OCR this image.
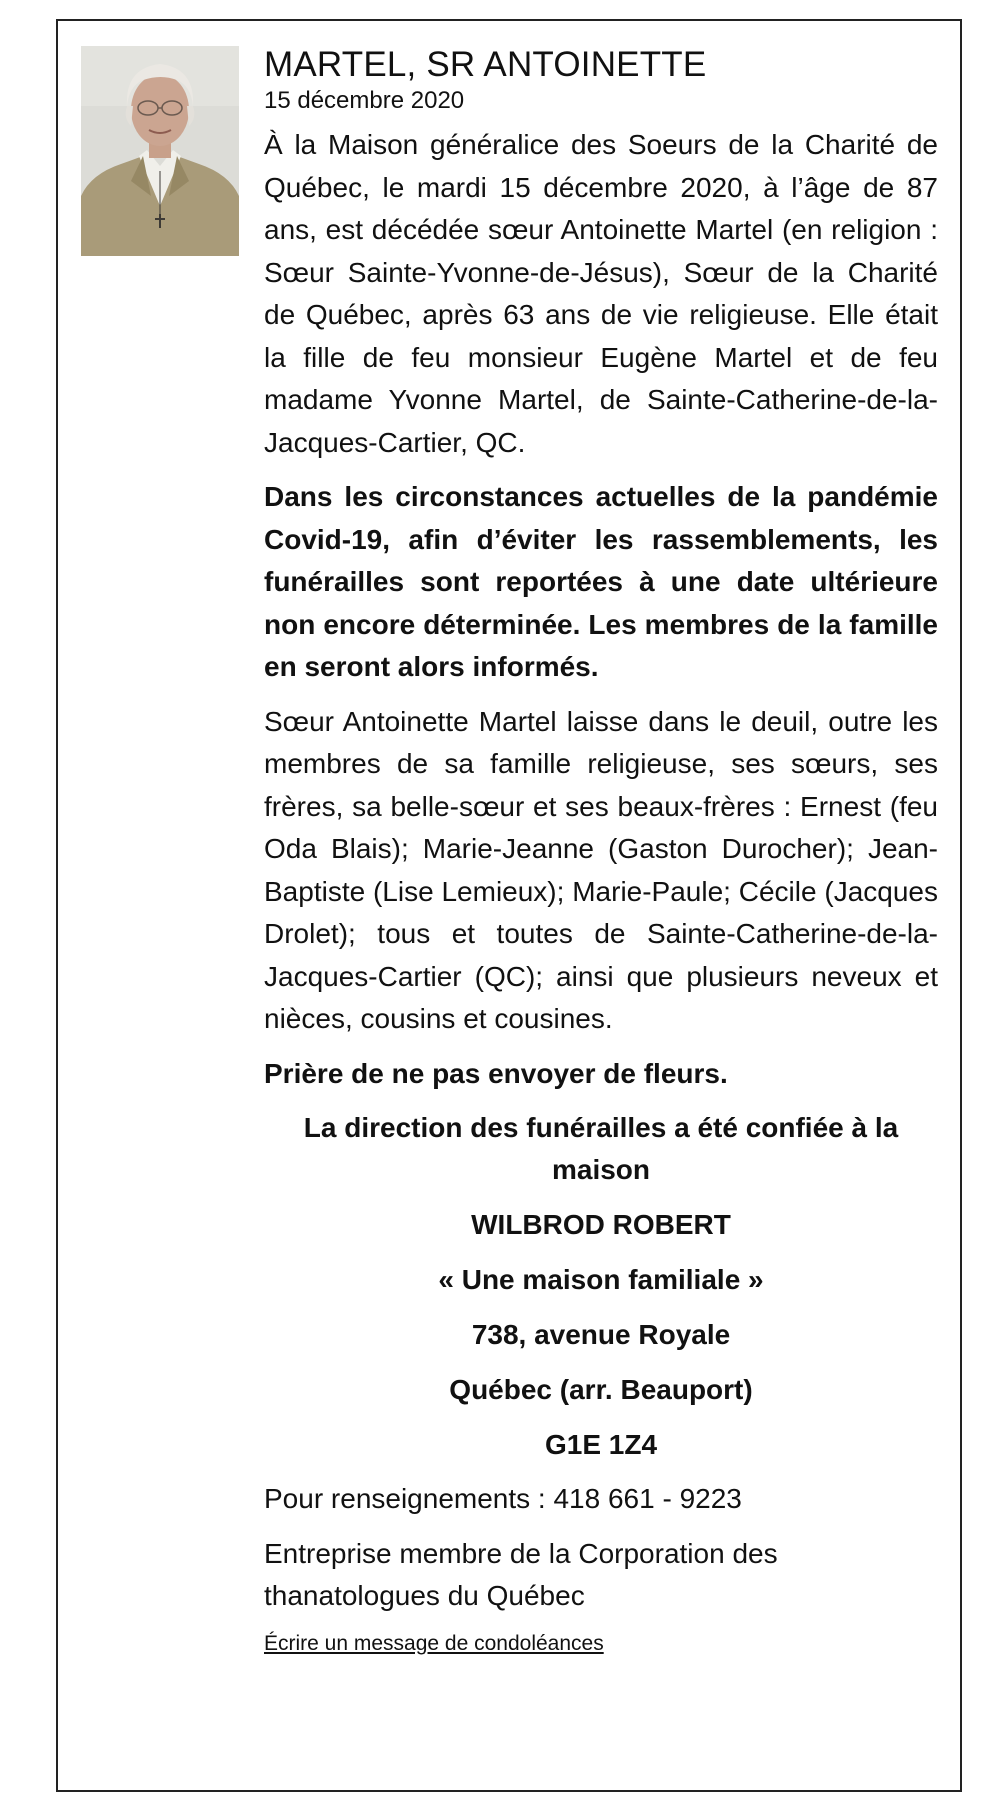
MARTEL, SR ANTOINETTE
15 décembre 2020

À la Maison généralice des Soeurs de la Charité de Québec, le mardi 15 décembre 2020, à l’âge de 87 ans, est décédée sœur Antoinette Martel (en religion : Sœur Sainte-Yvonne-de-Jésus), Sœur de la Charité de Québec, après 63 ans de vie religieuse. Elle était la fille de feu monsieur Eugène Martel et de feu madame Yvonne Martel, de Sainte-Catherine-de-la-Jacques-Cartier, QC.

Dans les circonstances actuelles de la pandémie Covid-19, afin d’éviter les rassemblements, les funérailles sont reportées à une date ultérieure non encore déterminée. Les membres de la famille en seront alors informés.

Sœur Antoinette Martel laisse dans le deuil, outre les membres de sa famille religieuse, ses sœurs, ses frères, sa belle-sœur et ses beaux-frères : Ernest (feu Oda Blais); Marie-Jeanne (Gaston Durocher); Jean-Baptiste (Lise Lemieux); Marie-Paule; Cécile (Jacques Drolet); tous et toutes de Sainte-Catherine-de-la-Jacques-Cartier (QC); ainsi que plusieurs neveux et nièces, cousins et cousines.

Prière de ne pas envoyer de fleurs.

La direction des funérailles a été confiée à la maison
WILBROD ROBERT
« Une maison familiale »
738, avenue Royale
Québec (arr. Beauport)
G1E 1Z4

Pour renseignements : 418 661 - 9223

Entreprise membre de la Corporation des thanatologues du Québec

Écrire un message de condoléances
